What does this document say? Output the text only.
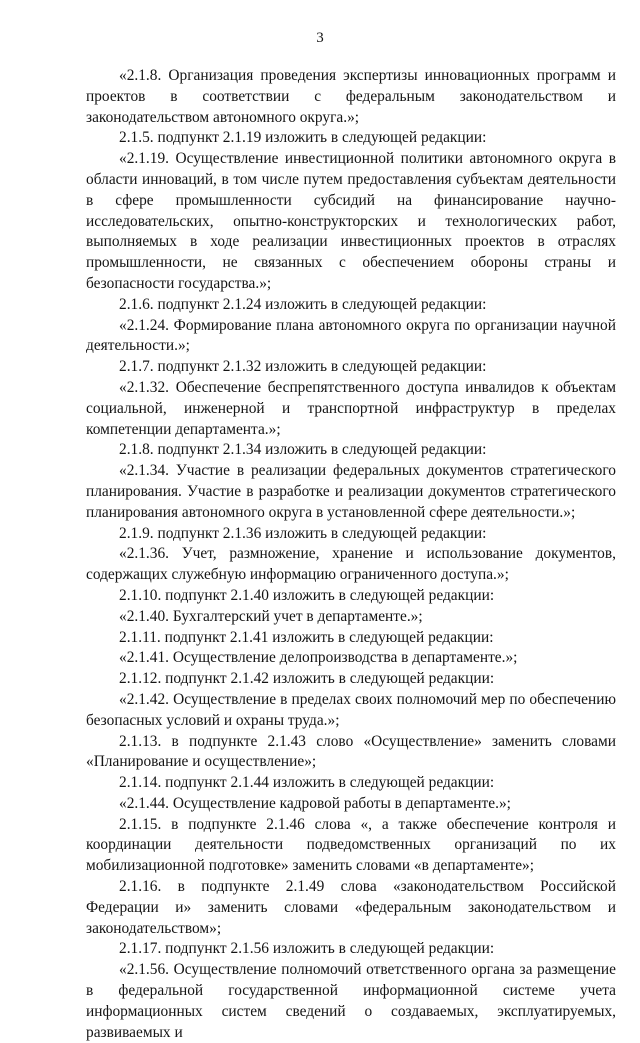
3

«2.1.8. Организация проведения экспертизы инновационных программ и проектов в соответствии с федеральным законодательством и законодательством автономного округа.»;

2.1.5. подпункт 2.1.19 изложить в следующей редакции:

«2.1.19. Осуществление инвестиционной политики автономного округа в области инноваций, в том числе путем предоставления субъектам деятельности в сфере промышленности субсидий на финансирование научно-исследовательских, опытно-конструкторских и технологических работ, выполняемых в ходе реализации инвестиционных проектов в отраслях промышленности, не связанных с обеспечением обороны страны и безопасности государства.»;

2.1.6. подпункт 2.1.24 изложить в следующей редакции:

«2.1.24. Формирование плана автономного округа по организации научной деятельности.»;

2.1.7. подпункт 2.1.32 изложить в следующей редакции:

«2.1.32. Обеспечение беспрепятственного доступа инвалидов к объектам социальной, инженерной и транспортной инфраструктур в пределах компетенции департамента.»;

2.1.8. подпункт 2.1.34 изложить в следующей редакции:

«2.1.34. Участие в реализации федеральных документов стратегического планирования. Участие в разработке и реализации документов стратегического планирования автономного округа в установленной сфере деятельности.»;

2.1.9. подпункт 2.1.36 изложить в следующей редакции:

«2.1.36. Учет, размножение, хранение и использование документов, содержащих служебную информацию ограниченного доступа.»;

2.1.10. подпункт 2.1.40 изложить в следующей редакции:

«2.1.40. Бухгалтерский учет в департаменте.»;

2.1.11. подпункт 2.1.41 изложить в следующей редакции:

«2.1.41. Осуществление делопроизводства в департаменте.»;

2.1.12. подпункт 2.1.42 изложить в следующей редакции:

«2.1.42. Осуществление в пределах своих полномочий мер по обеспечению безопасных условий и охраны труда.»;

2.1.13. в подпункте 2.1.43 слово «Осуществление» заменить словами «Планирование и осуществление»;

2.1.14. подпункт 2.1.44 изложить в следующей редакции:

«2.1.44. Осуществление кадровой работы в департаменте.»;

2.1.15. в подпункте 2.1.46 слова «, а также обеспечение контроля и координации деятельности подведомственных организаций по их мобилизационной подготовке» заменить словами «в департаменте»;

2.1.16. в подпункте 2.1.49 слова «законодательством Российской Федерации и» заменить словами «федеральным законодательством и законодательством»;

2.1.17. подпункт 2.1.56 изложить в следующей редакции:

«2.1.56. Осуществление полномочий ответственного органа за размещение в федеральной государственной информационной системе учета информационных систем сведений о создаваемых, эксплуатируемых, развиваемых и
